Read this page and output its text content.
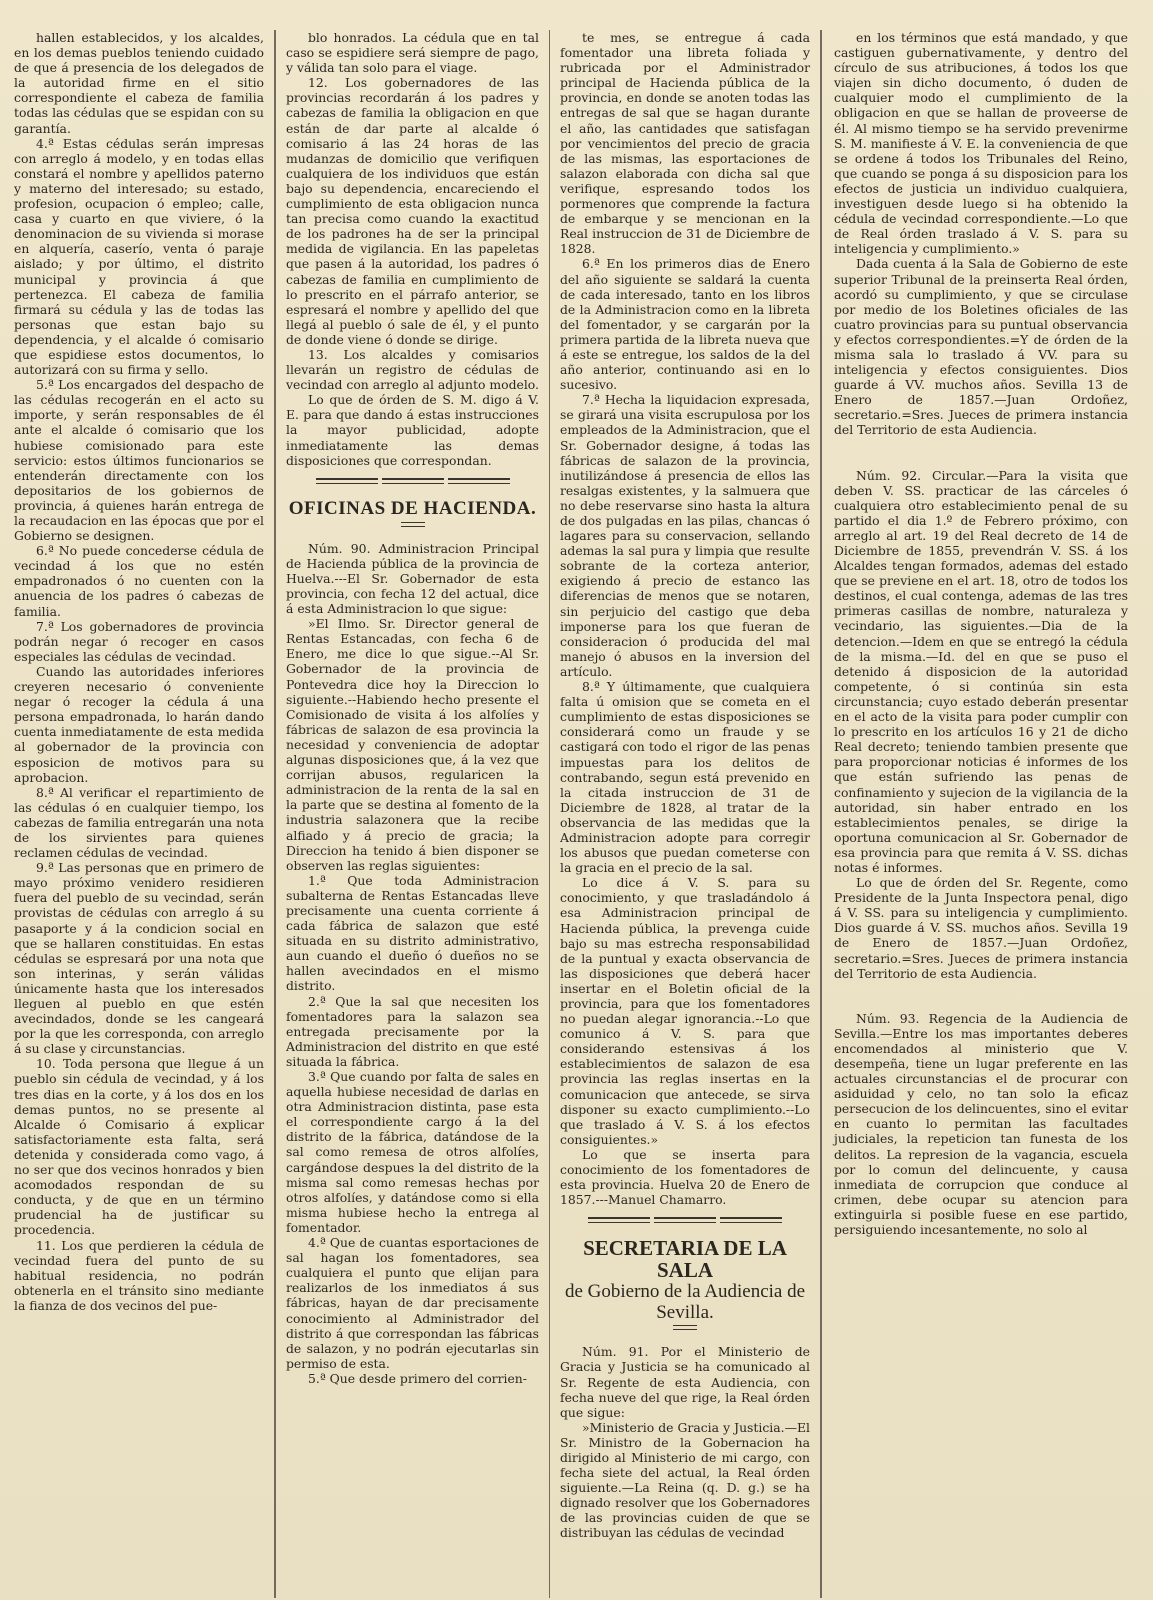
hallen establecidos, y los alcaldes, en los demas pueblos teniendo cuidado de que á presencia de los delegados de la autoridad firme en el sitio correspondiente el cabeza de familia todas las cédulas que se espidan con su garantía.

4.ª Estas cédulas serán impresas con arreglo á modelo, y en todas ellas constará el nombre y apellidos paterno y materno del interesado; su estado, profesion, ocupacion ó empleo; calle, casa y cuarto en que viviere, ó la denominacion de su vivienda si morase en alquería, caserío, venta ó paraje aislado; y por último, el distrito municipal y provincia á que pertenezca. El cabeza de familia firmará su cédula y las de todas las personas que estan bajo su dependencia, y el alcalde ó comisario que espidiese estos documentos, lo autorizará con su firma y sello.

5.ª Los encargados del despacho de las cédulas recogerán en el acto su importe, y serán responsables de él ante el alcalde ó comisario que los hubiese comisionado para este servicio: estos últimos funcionarios se entenderán directamente con los depositarios de los gobiernos de provincia, á quienes harán entrega de la recaudacion en las épocas que por el Gobierno se designen.

6.ª No puede concederse cédula de vecindad á los que no estén empadronados ó no cuenten con la anuencia de los padres ó cabezas de familia.

7.ª Los gobernadores de provincia podrán negar ó recoger en casos especiales las cédulas de vecindad.

Cuando las autoridades inferiores creyeren necesario ó conveniente negar ó recoger la cédula á una persona empadronada, lo harán dando cuenta inmediatamente de esta medida al gobernador de la provincia con esposicion de motivos para su aprobacion.

8.ª Al verificar el repartimiento de las cédulas ó en cualquier tiempo, los cabezas de familia entregarán una nota de los sirvientes para quienes reclamen cédulas de vecindad.

9.ª Las personas que en primero de mayo próximo venidero residieren fuera del pueblo de su vecindad, serán provistas de cédulas con arreglo á su pasaporte y á la condicion social en que se hallaren constituidas. En estas cédulas se espresará por una nota que son interinas, y serán válidas únicamente hasta que los interesados lleguen al pueblo en que estén avecindados, donde se les cangeará por la que les corresponda, con arreglo á su clase y circunstancias.

10. Toda persona que llegue á un pueblo sin cédula de vecindad, y á los tres dias en la corte, y á los dos en los demas puntos, no se presente al Alcalde ó Comisario á explicar satisfactoriamente esta falta, será detenida y considerada como vago, á no ser que dos vecinos honrados y bien acomodados respondan de su conducta, y de que en un término prudencial ha de justificar su procedencia.

11. Los que perdieren la cédula de vecindad fuera del punto de su habitual residencia, no podrán obtenerla en el tránsito sino mediante la fianza de dos vecinos del pue-

blo honrados. La cédula que en tal caso se espidiere será siempre de pago, y válida tan solo para el viage.

12. Los gobernadores de las provincias recordarán á los padres y cabezas de familia la obligacion en que están de dar parte al alcalde ó comisario á las 24 horas de las mudanzas de domicilio que verifiquen cualquiera de los individuos que están bajo su dependencia, encareciendo el cumplimiento de esta obligacion nunca tan precisa como cuando la exactitud de los padrones ha de ser la principal medida de vigilancia. En las papeletas que pasen á la autoridad, los padres ó cabezas de familia en cumplimiento de lo prescrito en el párrafo anterior, se espresará el nombre y apellido del que llegá al pueblo ó sale de él, y el punto de donde viene ó donde se dirige.

13. Los alcaldes y comisarios llevarán un registro de cédulas de vecindad con arreglo al adjunto modelo.

Lo que de órden de S. M. digo á V. E. para que dando á estas instrucciones la mayor publicidad, adopte inmediatamente las demas disposiciones que correspondan.

OFICINAS DE HACIENDA.

Núm. 90. Administracion Principal de Hacienda pública de la provincia de Huelva.---El Sr. Gobernador de esta provincia, con fecha 12 del actual, dice á esta Administracion lo que sigue:

»El Ilmo. Sr. Director general de Rentas Estancadas, con fecha 6 de Enero, me dice lo que sigue.--Al Sr. Gobernador de la provincia de Pontevedra dice hoy la Direccion lo siguiente.--Habiendo hecho presente el Comisionado de visita á los alfolíes y fábricas de salazon de esa provincia la necesidad y conveniencia de adoptar algunas disposiciones que, á la vez que corrijan abusos, regularicen la administracion de la renta de la sal en la parte que se destina al fomento de la industria salazonera que la recibe alfiado y á precio de gracia; la Direccion ha tenido á bien disponer se observen las reglas siguientes:

1.ª Que toda Administracion subalterna de Rentas Estancadas lleve precisamente una cuenta corriente á cada fábrica de salazon que esté situada en su distrito administrativo, aun cuando el dueño ó dueños no se hallen avecindados en el mismo distrito.

2.ª Que la sal que necesiten los fomentadores para la salazon sea entregada precisamente por la Administracion del distrito en que esté situada la fábrica.

3.ª Que cuando por falta de sales en aquella hubiese necesidad de darlas en otra Administracion distinta, pase esta el correspondiente cargo á la del distrito de la fábrica, datándose de la sal como remesa de otros alfolíes, cargándose despues la del distrito de la misma sal como remesas hechas por otros alfolíes, y datándose como si ella misma hubiese hecho la entrega al fomentador.

4.ª Que de cuantas esportaciones de sal hagan los fomentadores, sea cualquiera el punto que elijan para realizarlos de los inmediatos á sus fábricas, hayan de dar precisamente conocimiento al Administrador del distrito á que correspondan las fábricas de salazon, y no podrán ejecutarlas sin permiso de esta.

5.ª Que desde primero del corrien-

te mes, se entregue á cada fomentador una libreta foliada y rubricada por el Administrador principal de Hacienda pública de la provincia, en donde se anoten todas las entregas de sal que se hagan durante el año, las cantidades que satisfagan por vencimientos del precio de gracia de las mismas, las esportaciones de salazon elaborada con dicha sal que verifique, espresando todos los pormenores que comprende la factura de embarque y se mencionan en la Real instruccion de 31 de Diciembre de 1828.

6.ª En los primeros dias de Enero del año siguiente se saldará la cuenta de cada interesado, tanto en los libros de la Administracion como en la libreta del fomentador, y se cargarán por la primera partida de la libreta nueva que á este se entregue, los saldos de la del año anterior, continuando asi en lo sucesivo.

7.ª Hecha la liquidacion expresada, se girará una visita escrupulosa por los empleados de la Administracion, que el Sr. Gobernador designe, á todas las fábricas de salazon de la provincia, inutilizándose á presencia de ellos las resalgas existentes, y la salmuera que no debe reservarse sino hasta la altura de dos pulgadas en las pilas, chancas ó lagares para su conservacion, sellando ademas la sal pura y limpia que resulte sobrante de la corteza anterior, exigiendo á precio de estanco las diferencias de menos que se notaren, sin perjuicio del castigo que deba imponerse para los que fueran de consideracion ó producida del mal manejo ó abusos en la inversion del artículo.

8.ª Y últimamente, que cualquiera falta ú omision que se cometa en el cumplimiento de estas disposiciones se considerará como un fraude y se castigará con todo el rigor de las penas impuestas para los delitos de contrabando, segun está prevenido en la citada instruccion de 31 de Diciembre de 1828, al tratar de la observancia de las medidas que la Administracion adopte para corregir los abusos que puedan cometerse con la gracia en el precio de la sal.

Lo dice á V. S. para su conocimiento, y que trasladándolo á esa Administracion principal de Hacienda pública, la prevenga cuide bajo su mas estrecha responsabilidad de la puntual y exacta observancia de las disposiciones que deberá hacer insertar en el Boletin oficial de la provincia, para que los fomentadores no puedan alegar ignorancia.--Lo que comunico á V. S. para que considerando estensivas á los establecimientos de salazon de esa provincia las reglas insertas en la comunicacion que antecede, se sirva disponer su exacto cumplimiento.--Lo que traslado á V. S. á los efectos consiguientes.»

Lo que se inserta para conocimiento de los fomentadores de esta provincia. Huelva 20 de Enero de 1857.---Manuel Chamarro.

SECRETARIA DE LA SALA
de Gobierno de la Audiencia de Sevilla.

Núm. 91. Por el Ministerio de Gracia y Justicia se ha comunicado al Sr. Regente de esta Audiencia, con fecha nueve del que rige, la Real órden que sigue:

»Ministerio de Gracia y Justicia.—El Sr. Ministro de la Gobernacion ha dirigido al Ministerio de mi cargo, con fecha siete del actual, la Real órden siguiente.—La Reina (q. D. g.) se ha dignado resolver que los Gobernadores de las provincias cuiden de que se distribuyan las cédulas de vecindad

en los términos que está mandado, y que castiguen gubernativamente, y dentro del círculo de sus atribuciones, á todos los que viajen sin dicho documento, ó duden de cualquier modo el cumplimiento de la obligacion en que se hallan de proveerse de él. Al mismo tiempo se ha servido prevenirme S. M. manifieste á V. E. la conveniencia de que se ordene á todos los Tribunales del Reino, que cuando se ponga á su disposicion para los efectos de justicia un individuo cualquiera, investiguen desde luego si ha obtenido la cédula de vecindad correspondiente.—Lo que de Real órden traslado á V. S. para su inteligencia y cumplimiento.»

Dada cuenta á la Sala de Gobierno de este superior Tribunal de la preinserta Real órden, acordó su cumplimiento, y que se circulase por medio de los Boletines oficiales de las cuatro provincias para su puntual observancia y efectos correspondientes.=Y de órden de la misma sala lo traslado á VV. para su inteligencia y efectos consiguientes. Dios guarde á VV. muchos años. Sevilla 13 de Enero de 1857.—Juan Ordoñez, secretario.=Sres. Jueces de primera instancia del Territorio de esta Audiencia.

Núm. 92. Circular.—Para la visita que deben V. SS. practicar de las cárceles ó cualquiera otro establecimiento penal de su partido el dia 1.º de Febrero próximo, con arreglo al art. 19 del Real decreto de 14 de Diciembre de 1855, prevendrán V. SS. á los Alcaldes tengan formados, ademas del estado que se previene en el art. 18, otro de todos los destinos, el cual contenga, ademas de las tres primeras casillas de nombre, naturaleza y vecindario, las siguientes.—Dia de la detencion.—Idem en que se entregó la cédula de la misma.—Id. del en que se puso el detenido á disposicion de la autoridad competente, ó si continúa sin esta circunstancia; cuyo estado deberán presentar en el acto de la visita para poder cumplir con lo prescrito en los artículos 16 y 21 de dicho Real decreto; teniendo tambien presente que para proporcionar noticias é informes de los que están sufriendo las penas de confinamiento y sujecion de la vigilancia de la autoridad, sin haber entrado en los establecimientos penales, se dirige la oportuna comunicacion al Sr. Gobernador de esa provincia para que remita á V. SS. dichas notas é informes.

Lo que de órden del Sr. Regente, como Presidente de la Junta Inspectora penal, digo á V. SS. para su inteligencia y cumplimiento. Dios guarde á V. SS. muchos años. Sevilla 19 de Enero de 1857.—Juan Ordoñez, secretario.=Sres. Jueces de primera instancia del Territorio de esta Audiencia.

Núm. 93. Regencia de la Audiencia de Sevilla.—Entre los mas importantes deberes encomendados al ministerio que V. desempeña, tiene un lugar preferente en las actuales circunstancias el de procurar con asiduidad y celo, no tan solo la eficaz persecucion de los delincuentes, sino el evitar en cuanto lo permitan las facultades judiciales, la repeticion tan funesta de los delitos. La represion de la vagancia, escuela por lo comun del delincuente, y causa inmediata de corrupcion que conduce al crimen, debe ocupar su atencion para extinguirla si posible fuese en ese partido, persiguiendo incesantemente, no solo al
